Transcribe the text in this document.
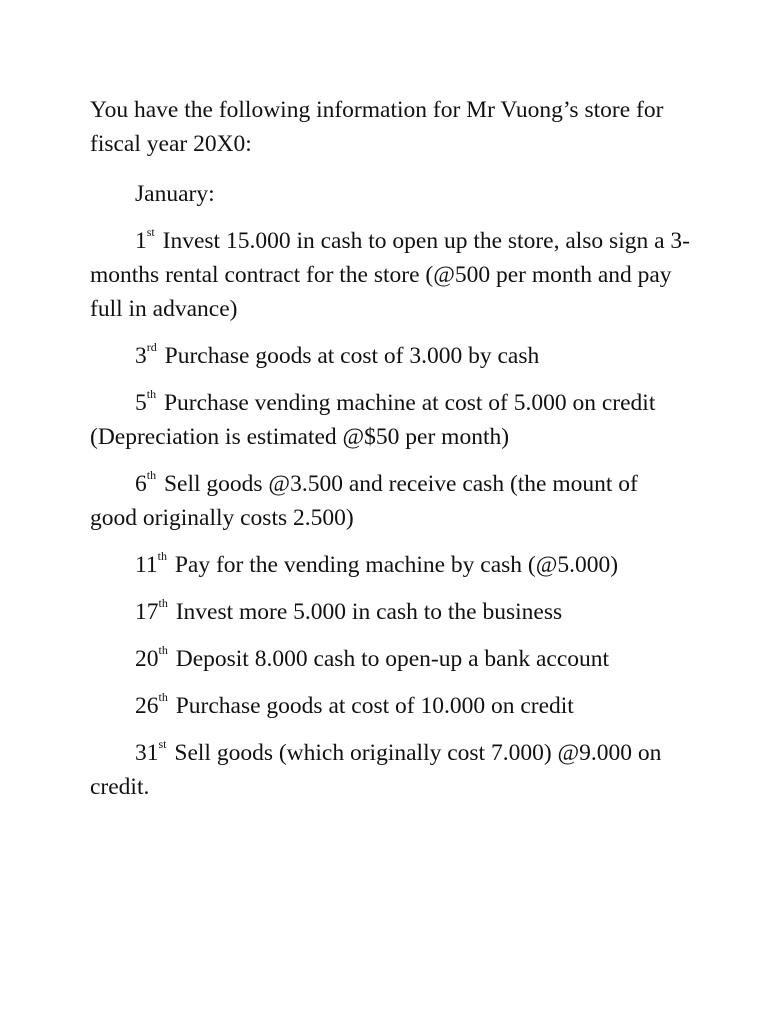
You have the following information for Mr Vuong’s store for fiscal year 20X0:

January:

1st Invest 15.000 in cash to open up the store, also sign a 3-months rental contract for the store (@500 per month and pay full in advance)

3rd Purchase goods at cost of 3.000 by cash

5th Purchase vending machine at cost of 5.000 on credit (Depreciation is estimated @$50 per month)

6th Sell goods @3.500 and receive cash (the mount of good originally costs 2.500)

11th Pay for the vending machine by cash (@5.000)

17th Invest more 5.000 in cash to the business

20th Deposit 8.000 cash to open-up a bank account

26th Purchase goods at cost of 10.000 on credit

31st Sell goods (which originally cost 7.000) @9.000 on credit.
